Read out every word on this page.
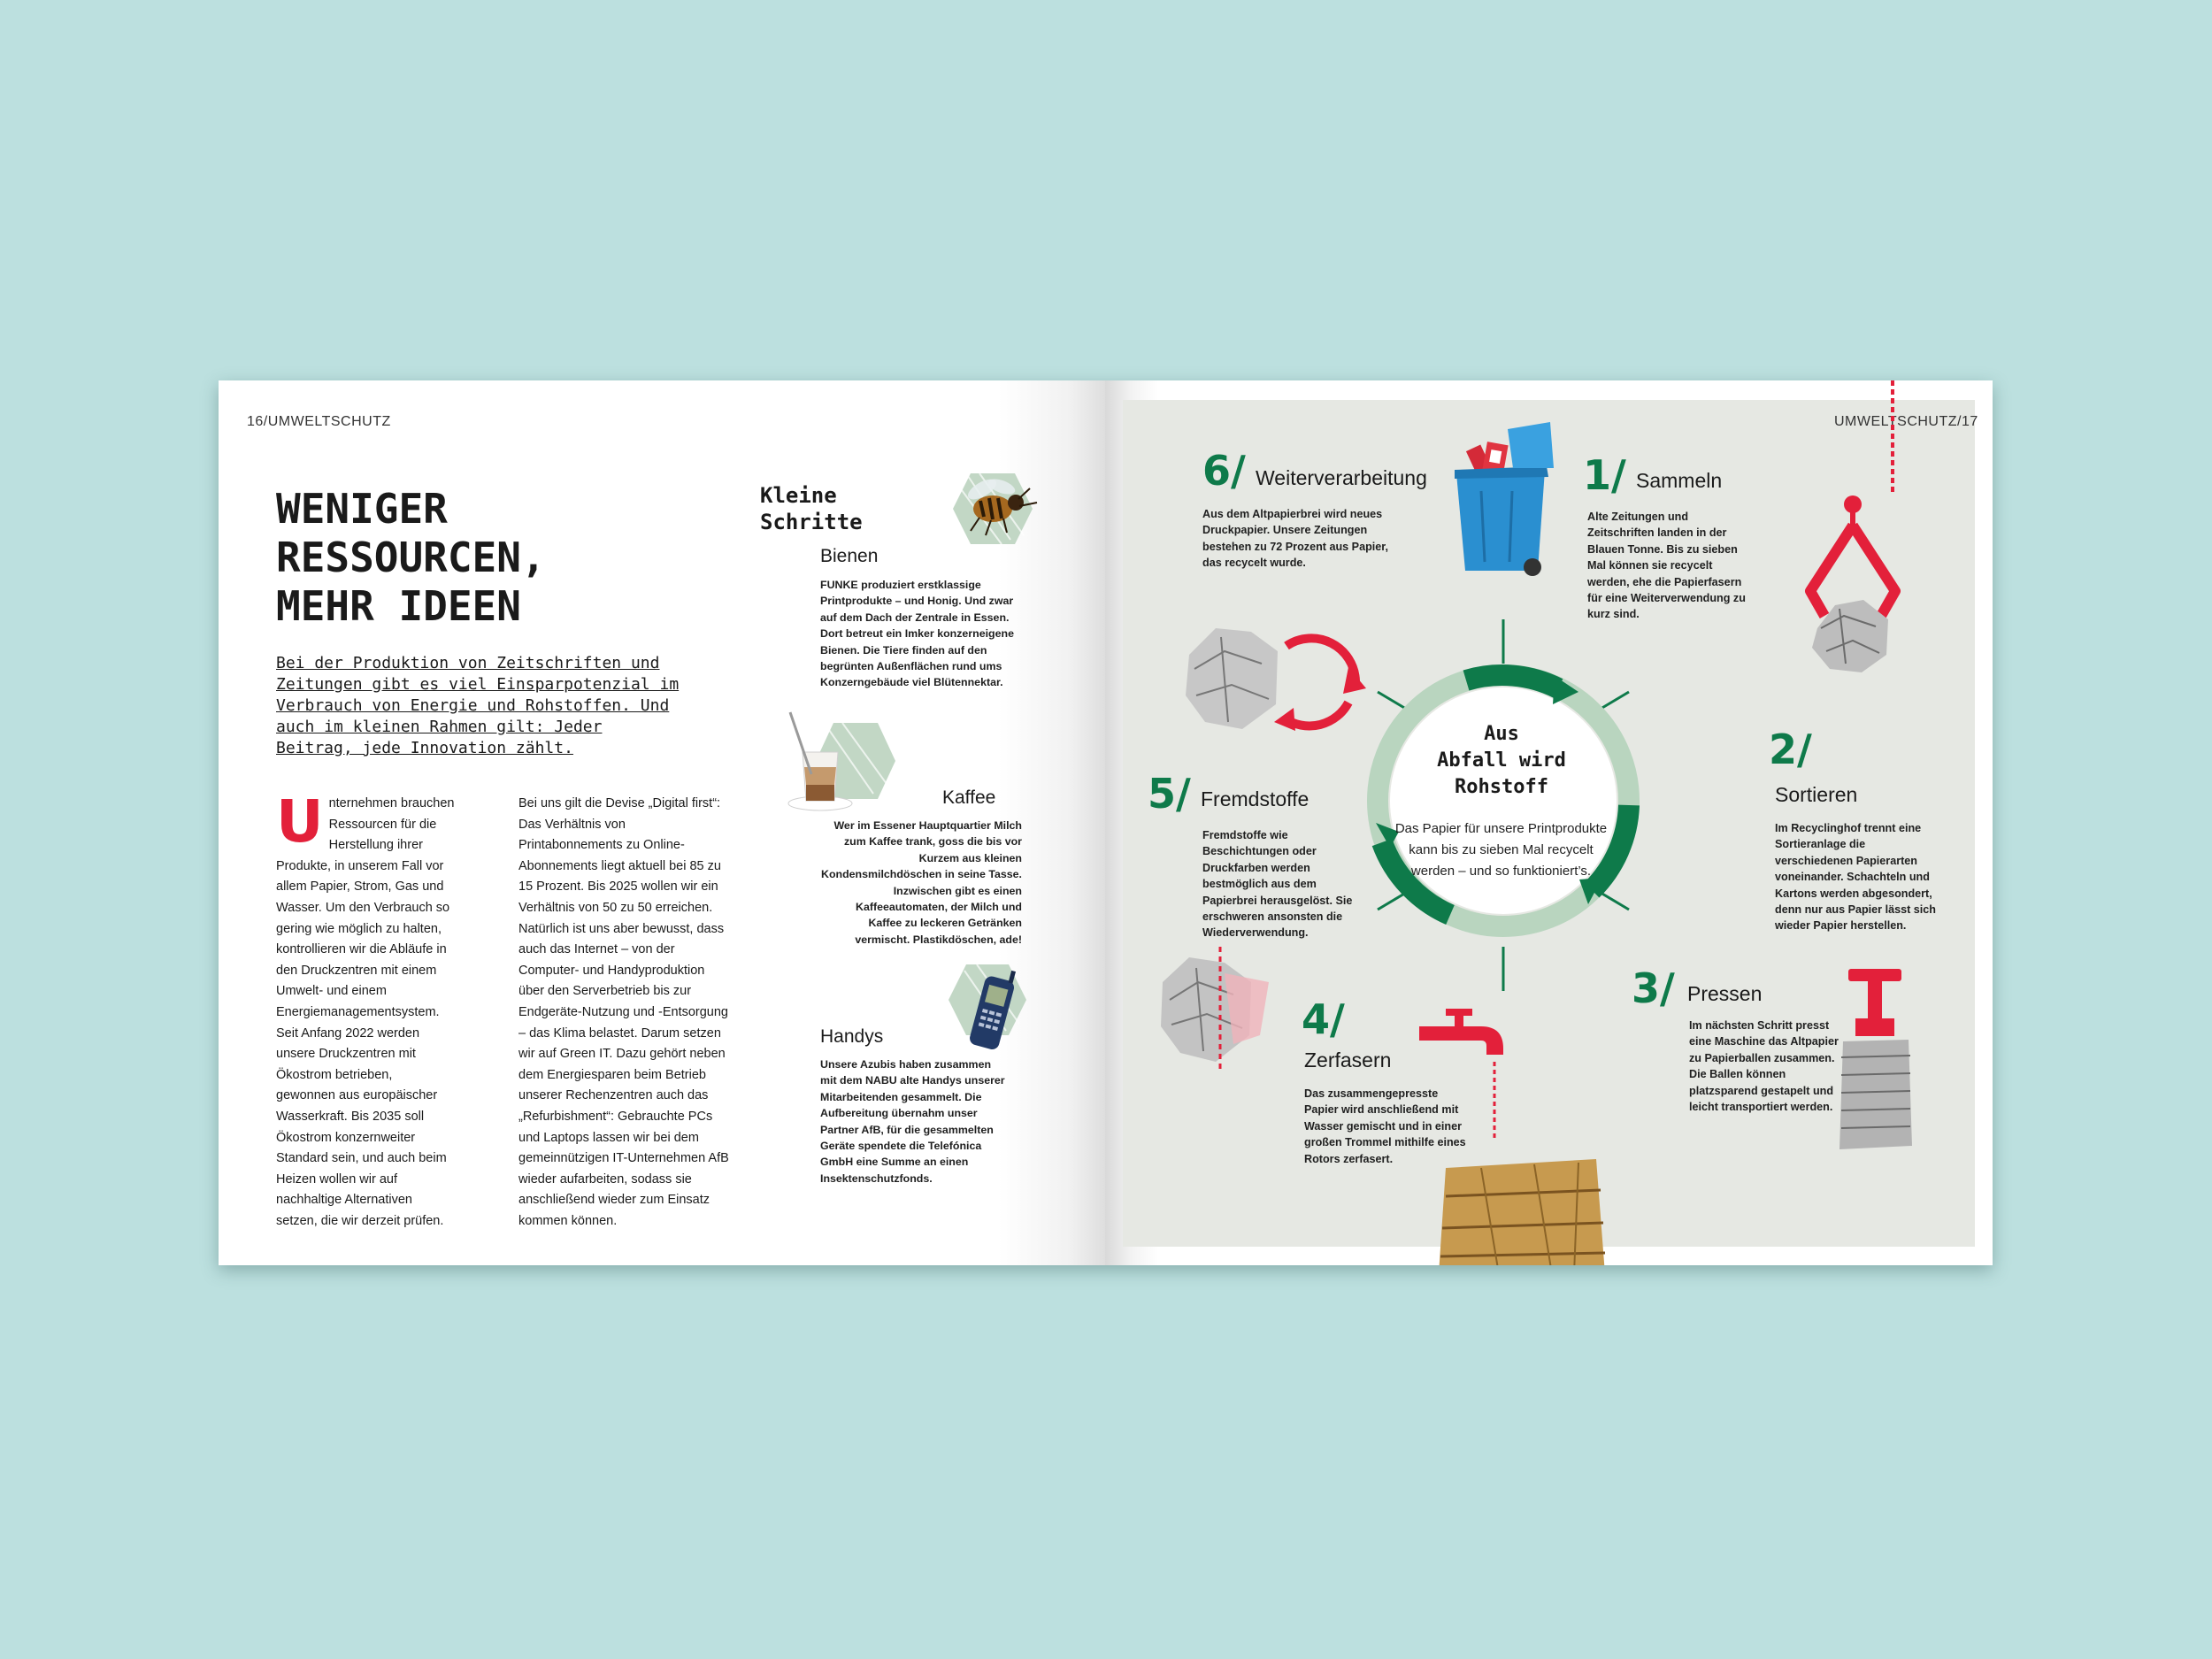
16/UMWELTSCHUTZ
WENIGER RESSOURCEN, MEHR IDEEN

Bei der Produktion von Zeitschriften und Zeitungen gibt es viel Einsparpotenzial im Verbrauch von Energie und Rohstoffen. Und auch im kleinen Rahmen gilt: Jeder Beitrag, jede Innovation zählt.

Unternehmen brauchen Ressourcen für die Herstellung ihrer Produkte, in unserem Fall vor allem Papier, Strom, Gas und Wasser. Um den Verbrauch so gering wie möglich zu halten, kontrollieren wir die Abläufe in den Druckzentren mit einem Umwelt- und einem Energiemanagementsystem. Seit Anfang 2022 werden unsere Druckzentren mit Ökostrom betrieben, gewonnen aus europäischer Wasserkraft. Bis 2035 soll Ökostrom konzernweiter Standard sein, und auch beim Heizen wollen wir auf nachhaltige Alternativen setzen, die wir derzeit prüfen.

Bei uns gilt die Devise „Digital first“: Das Verhältnis von Printabonnements zu Online-Abonnements liegt aktuell bei 85 zu 15 Prozent. Bis 2025 wollen wir ein Verhältnis von 50 zu 50 erreichen. Natürlich ist uns aber bewusst, dass auch das Internet – von der Computer- und Handyproduktion über den Serverbetrieb bis zur Endgeräte-Nutzung und -Entsorgung – das Klima belastet. Darum setzen wir auf Green IT. Dazu gehört neben dem Energiesparen beim Betrieb unserer Rechenzentren auch das „Refurbishment“: Gebrauchte PCs und Laptops lassen wir bei dem gemeinnützigen IT-Unternehmen AfB wieder aufarbeiten, sodass sie anschließend wieder zum Einsatz kommen können.

Kleine
Schritte
Bienen

FUNKE produziert erstklassige Printprodukte – und Honig. Und zwar auf dem Dach der Zentrale in Essen. Dort betreut ein Imker konzerneigene Bienen. Die Tiere finden auf den begrünten Außenflächen rund ums Konzerngebäude viel Blütennektar.

Kaffee

Wer im Essener Hauptquartier Milch zum Kaffee trank, goss die bis vor Kurzem aus kleinen Kondensmilchdöschen in seine Tasse. Inzwischen gibt es einen Kaffeeautomaten, der Milch und Kaffee zu leckeren Getränken vermischt. Plastikdöschen, ade!

Handys

Unsere Azubis haben zusammen mit dem NABU alte Handys unserer Mitarbeitenden gesammelt. Die Aufbereitung übernahm unser Partner AfB, für die gesammelten Geräte spendete die Telefónica GmbH eine Summe an einen Insektenschutzfonds.

UMWELTSCHUTZ/17
Aus
Abfall wird
Rohstoff

Das Papier für unsere Printprodukte kann bis zu sieben Mal recycelt werden – und so funktioniert’s.

1/ Sammeln

Alte Zeitungen und Zeitschriften landen in der Blauen Tonne. Bis zu sieben Mal können sie recycelt werden, ehe die Papierfasern für eine Weiterverwendung zu kurz sind.

2/
Sortieren

Im Recyclinghof trennt eine Sortieranlage die verschiedenen Papierarten voneinander. Schachteln und Kartons werden abgesondert, denn nur aus Papier lässt sich wieder Papier herstellen.

3/ Pressen

Im nächsten Schritt presst eine Maschine das Altpapier zu Papierballen zusammen. Die Ballen können platzsparend gestapelt und leicht transportiert werden.

4/
Zerfasern

Das zusammengepresste Papier wird anschließend mit Wasser gemischt und in einer großen Trommel mithilfe eines Rotors zerfasert.

5/ Fremdstoffe

Fremdstoffe wie Beschichtungen oder Druckfarben werden bestmöglich aus dem Papierbrei herausgelöst. Sie erschweren ansonsten die Wiederverwendung.

6/ Weiterverarbeitung

Aus dem Altpapierbrei wird neues Druckpapier. Unsere Zeitungen bestehen zu 72 Prozent aus Papier, das recycelt wurde.
